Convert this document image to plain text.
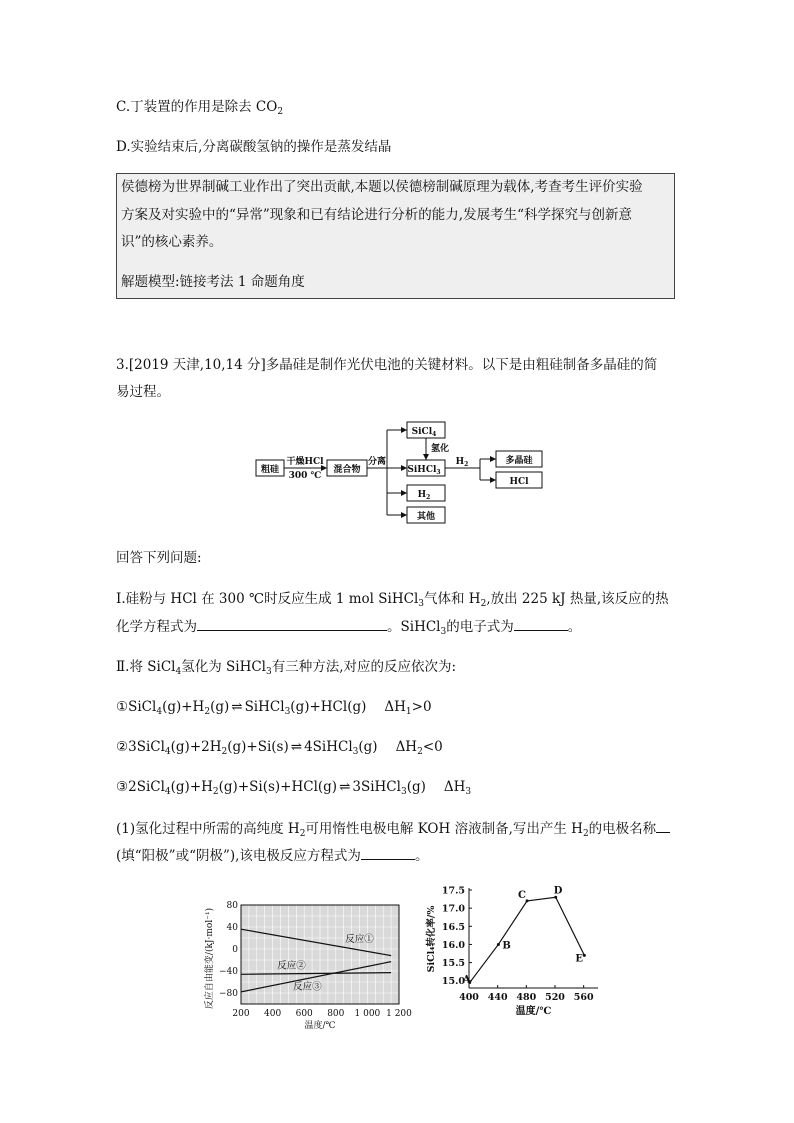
C.丁装置的作用是除去 $CO_2$
D.实验结束后,分离碳酸氢钠的操作是蒸发结晶

侯德榜为世界制碱工业作出了突出贡献,本题以侯德榜制碱原理为载体,考查考生评价实验

方案及对实验中的“异常”现象和已有结论进行分析的能力,发展考生“科学探究与创新意

识”的核心素养。

解题模型:链接考法 1 命题角度

3.[2019 天津,10,14 分]多晶硅是制作光伏电池的关键材料。以下是由粗硅制备多晶硅的简
易过程。
粗硅
干燥HCl
300 ℃
混合物
分离
SiCl$_4$
氢化
SiHCl$_3$
$H_2$
其他
$H_2$	多晶硅
HCl
回答下列问题:
Ⅰ.硅粉与 HCl 在 300 ℃时反应生成 1 mol SiHCl$_3$气体和 $H_2$,放出 225 kJ 热量,该反应的热
化学方程式为	。SiHCl$_3$的电子式为	。
Ⅱ.将 SiCl$_4$氢化为 SiHCl$_3$有三种方法,对应的反应依次为:
$①SiCl_4(g)+H_2(g)$ ⇌ SiHCl$_3$(g)+HCl(g) $\Delta H_1>0$
$②3SiCl_4(g)+2H_2(g)+Si(s)$ ⇌ 4SiHCl$_3$(g) $\Delta H_2<0$
$③2SiCl_4(g)+H_2(g)+Si(s)+HCl(g)$ ⇌ 3SiHCl$_3$(g) $\Delta H_3$
(1)氢化过程中所需的高纯度 $H_2$可用惰性电极电解 KOH 溶液制备,写出产生 $H_2$的电极名称
(填“阳极”或“阴极”),该电极反应方程式为	。
80
40
0
−40
−80
200 400 600 800 1 000 1 200
反应①
反应②
反应③
温度/℃
反应自由能变/(kJ·mol⁻¹)
17.5
17.0
16.5
16.0
15.5
15.0
400 440 480 520 560
A
B
C	D
E
温度/℃
SiCl₄转化率/%
